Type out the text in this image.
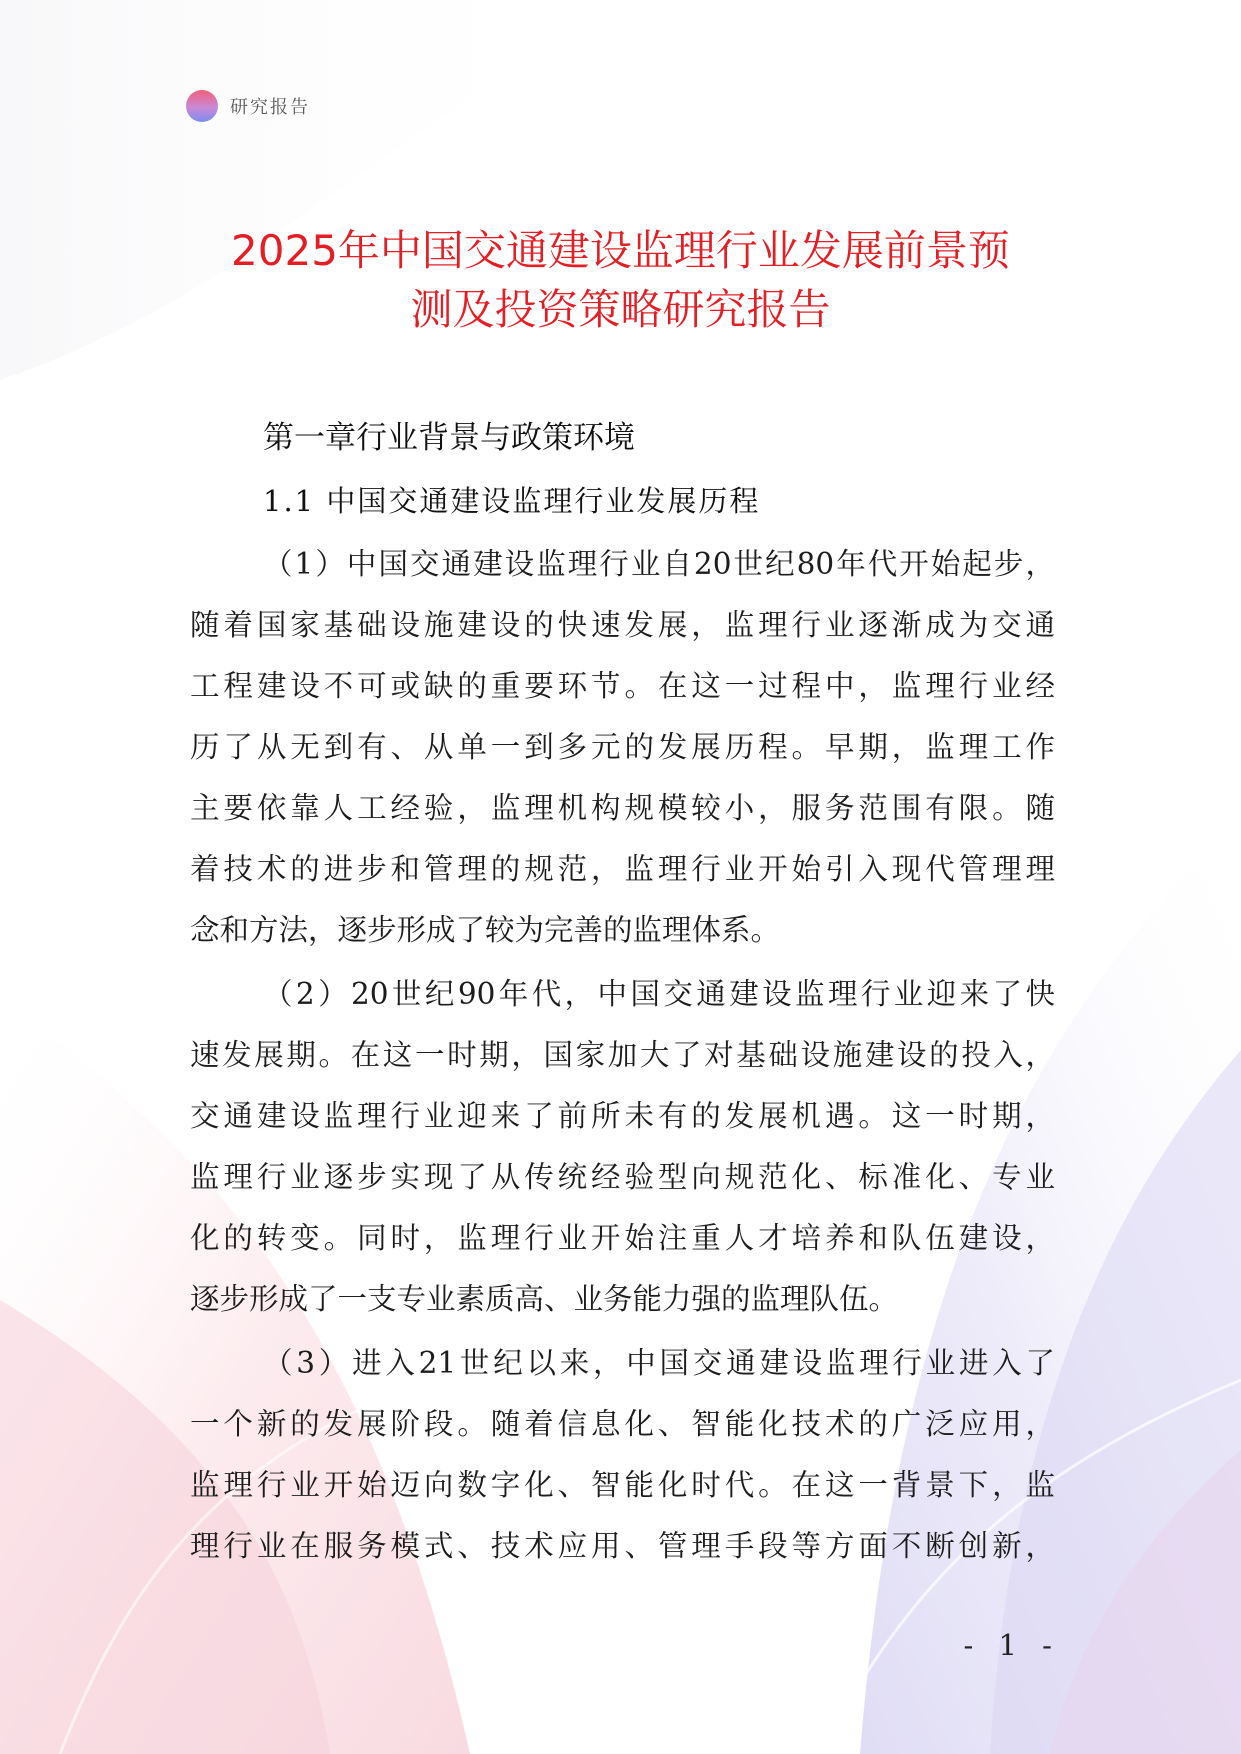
研究报告
2025年中国交通建设监理行业发展前景预
测及投资策略研究报告
第一章行业背景与政策环境
1.1 中国交通建设监理行业发展历程
（1）中国交通建设监理行业自20世纪80年代开始起步，
随着国家基础设施建设的快速发展，监理行业逐渐成为交通
工程建设不可或缺的重要环节。在这一过程中，监理行业经
历了从无到有、从单一到多元的发展历程。早期，监理工作
主要依靠人工经验，监理机构规模较小，服务范围有限。随
着技术的进步和管理的规范，监理行业开始引入现代管理理
念和方法，逐步形成了较为完善的监理体系。
（2）20世纪90年代，中国交通建设监理行业迎来了快
速发展期。在这一时期，国家加大了对基础设施建设的投入，
交通建设监理行业迎来了前所未有的发展机遇。这一时期，
监理行业逐步实现了从传统经验型向规范化、标准化、专业
化的转变。同时，监理行业开始注重人才培养和队伍建设，
逐步形成了一支专业素质高、业务能力强的监理队伍。
（3）进入21世纪以来，中国交通建设监理行业进入了
一个新的发展阶段。随着信息化、智能化技术的广泛应用，
监理行业开始迈向数字化、智能化时代。在这一背景下，监
理行业在服务模式、技术应用、管理手段等方面不断创新，
- 1 -
